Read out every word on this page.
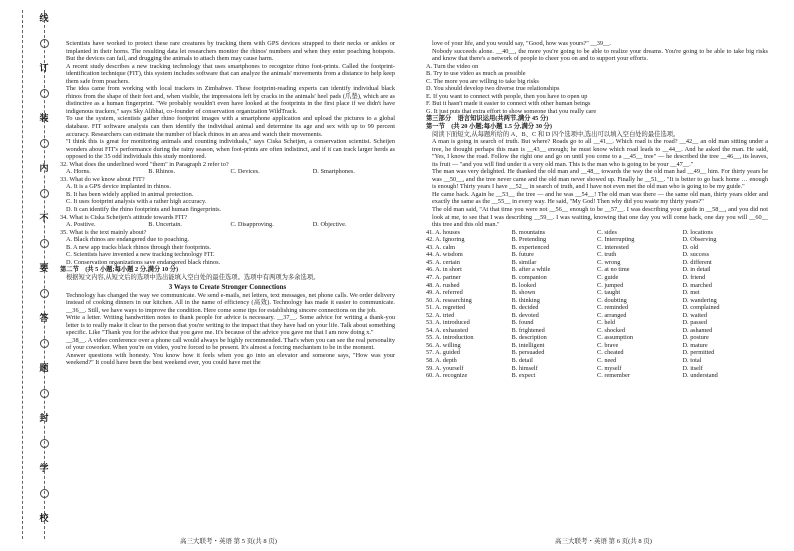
线
订
装
内
不
要
答
题
封
学
校

Scientists have worked to protect these rare creatures by tracking them with GPS devices strapped to their necks or ankles or implanted in their horns. The resulting data let researchers monitor the rhinos' numbers and when they enter poaching hotspots. But the devices can fail, and drugging the animals to attach them may cause harm.

A recent study describes a new tracking technology that uses smartphones to recognize rhino foot-prints. Called the footprint-identification technique (FIT), this system includes software that can analyze the animals' movements from a distance to help keep them safe from poachers.

The idea came from working with local trackers in Zimbabwe. These footprint-reading experts can identify individual black rhinos from the shape of their feet and, when visible, the impressions left by cracks in the animals' heel pads (爪垫), which are as distinctive as a human fingerprint. "We probably wouldn't even have looked at the footprints in the first place if we didn't have indigenous trackers," says Sky Alibhai, co-founder of conservation organization WildTrack.

To use the system, scientists gather rhino footprint images with a smartphone application and upload the pictures to a global database. FIT software analysis can then identify the individual animal and determine its age and sex with up to 99 percent accuracy. Researchers can estimate the number of black rhinos in an area and watch their movements.

"I think this is great for monitoring animals and counting individuals," says Ciska Scheijen, a conservation scientist. Scheijen wonders about FIT's performance during the rainy season, when foot-prints are often indistinct, and if it can track larger herds as opposed to the 35 odd individuals this study monitored.

32. What does the underlined word "them" in Paragraph 2 refer to?

A. Horns.	B. Rhinos.	C. Devices.	D. Smartphones.

33. What do we know about FIT?

A. It is a GPS device implanted in rhinos.

B. It has been widely applied in animal protection.

C. It uses footprint analysis with a rather high accuracy.

D. It can identify the rhino footprints and human fingerprints.

34. What is Ciska Scheijen's attitude towards FIT?

A. Positive.	B. Uncertain.	C. Disapproving.	D. Objective.

35. What is the text mainly about?

A. Black rhinos are endangered due to poaching.

B. A new app tracks black rhinos through their footprints.

C. Scientists have invented a new tracking technology FIT.

D. Conservation organizations save endangered black rhinos.

第二节　(共 5 小题;每小题 2 分,满分 10 分)

根据短文内容,从短文后的选项中选出能填入空白处的最佳选项。选项中有两项为多余选项。

3 Ways to Create Stronger Connections

Technology has changed the way we communicate. We send e-mails, net letters, text messages, net phone calls. We order delivery instead of cooking dinners in our kitchen. All in the name of efficiency (高效). Technology has made it easier to communicate. __36__. Still, we have ways to improve the condition. Here come some tips for establishing sincere connections on the job.

Write a letter. Writing handwritten notes to thank people for advice is necessary. __37__. Some advice for writing a thank-you letter is to really make it clear to the person that you're writing to the impact that they have had on your life. Talk about something specific. Like "Thank you for the advice that you gave me. It's because of the advice you gave me that I am now doing x."

__38__. A video conference over a phone call would always be highly recommended. That's when you can see the real personality of your coworker. When you're on video, you're forced to be present. It's almost a forcing mechanism to be in the moment.

Answer questions with honesty. You know how it feels when you go into an elevator and someone says, "How was your weekend?" It could have been the best weekend ever, you could have met the

love of your life, and you would say, "Good, how was yours?" __39__.

Nobody succeeds alone. __40__, the more you're going to be able to realize your dreams. You're going to be able to take big risks and know that there's a network of people to cheer you on and to support your efforts.

A. Turn the video on

B. Try to use video as much as possible

C. The more you are willing to take big risks

D. You should develop two diverse true relationships

E. If you want to connect with people, then you have to open up

F. But it hasn't made it easier to connect with other human beings

G. It just puts that extra effort to show someone that you really care

第三部分　语言知识运用(共两节,满分 45 分)

第一节　(共 20 小题;每小题 1.5 分,满分 30 分)

阅读下面短文,从每题所给的 A、B、C 和 D 四个选项中,选出可以填入空白处的最佳选项。

A man is going in search of truth. But where? Roads go to all __41__. Which road is the road? __42__ an old man sitting under a tree, he thought perhaps this man is __43__ enough; he must know which road leads to __44__. And he asked the man. He said, "Yes, I know the road. Follow the right one and go on until you come to a __45__ tree" — he described the tree __46__, its leaves, its fruit — "and you will find under it a very old man. This is the man who is going to be your __47__."

The man was very delighted. He thanked the old man and __48__ towards the way the old man had __49__ him. For thirty years he was __50__, and the tree never came and the old man never showed up. Finally he __51__. "It is better to go back home … enough is enough! Thirty years I have __52__ in search of truth, and I have not even met the old man who is going to be my guide."

He came back. Again he __53__ the tree — and he was __54__! The old man was there — the same old man, thirty years older and exactly the same as the __55__ in every way. He said, "My God! Then why did you waste my thirty years?"

The old man said, "At that time you were not __56__ enough to be __57__. I was describing your guide in __58__, and you did not look at me, to see that I was describing __59__. I was waiting, knowing that one day you will come back, one day you will __60__ this tree and this old man."

41. A. houses	B. mountains	C. sides	D. locations
42. A. Ignoring	B. Pretending	C. Interrupting	D. Observing
43. A. calm	B. experienced	C. interested	D. old
44. A. wisdom	B. future	C. truth	D. success
45. A. certain	B. similar	C. wrong	D. different
46. A. in short	B. after a while	C. at no time	D. in detail
47. A. partner	B. companion	C. guide	D. friend
48. A. rushed	B. looked	C. jumped	D. marched
49. A. referred	B. shown	C. taught	D. met
50. A. researching	B. thinking	C. doubting	D. wandering
51. A. regretted	B. decided	C. reminded	D. complained
52. A. tried	B. devoted	C. arranged	D. waited
53. A. introduced	B. found	C. held	D. passed
54. A. exhausted	B. frightened	C. shocked	D. ashamed
55. A. introduction	B. description	C. assumption	D. posture
56. A. willing	B. intelligent	C. brave	D. mature
57. A. guided	B. persuaded	C. cheated	D. permitted
58. A. depth	B. detail	C. need	D. total
59. A. yourself	B. himself	C. myself	D. itself
60. A. recognize	B. expect	C. remember	D. understand
高三大联考・英语 第 5 页(共 8 页)	高三大联考・英语 第 6 页(共 8 页)
